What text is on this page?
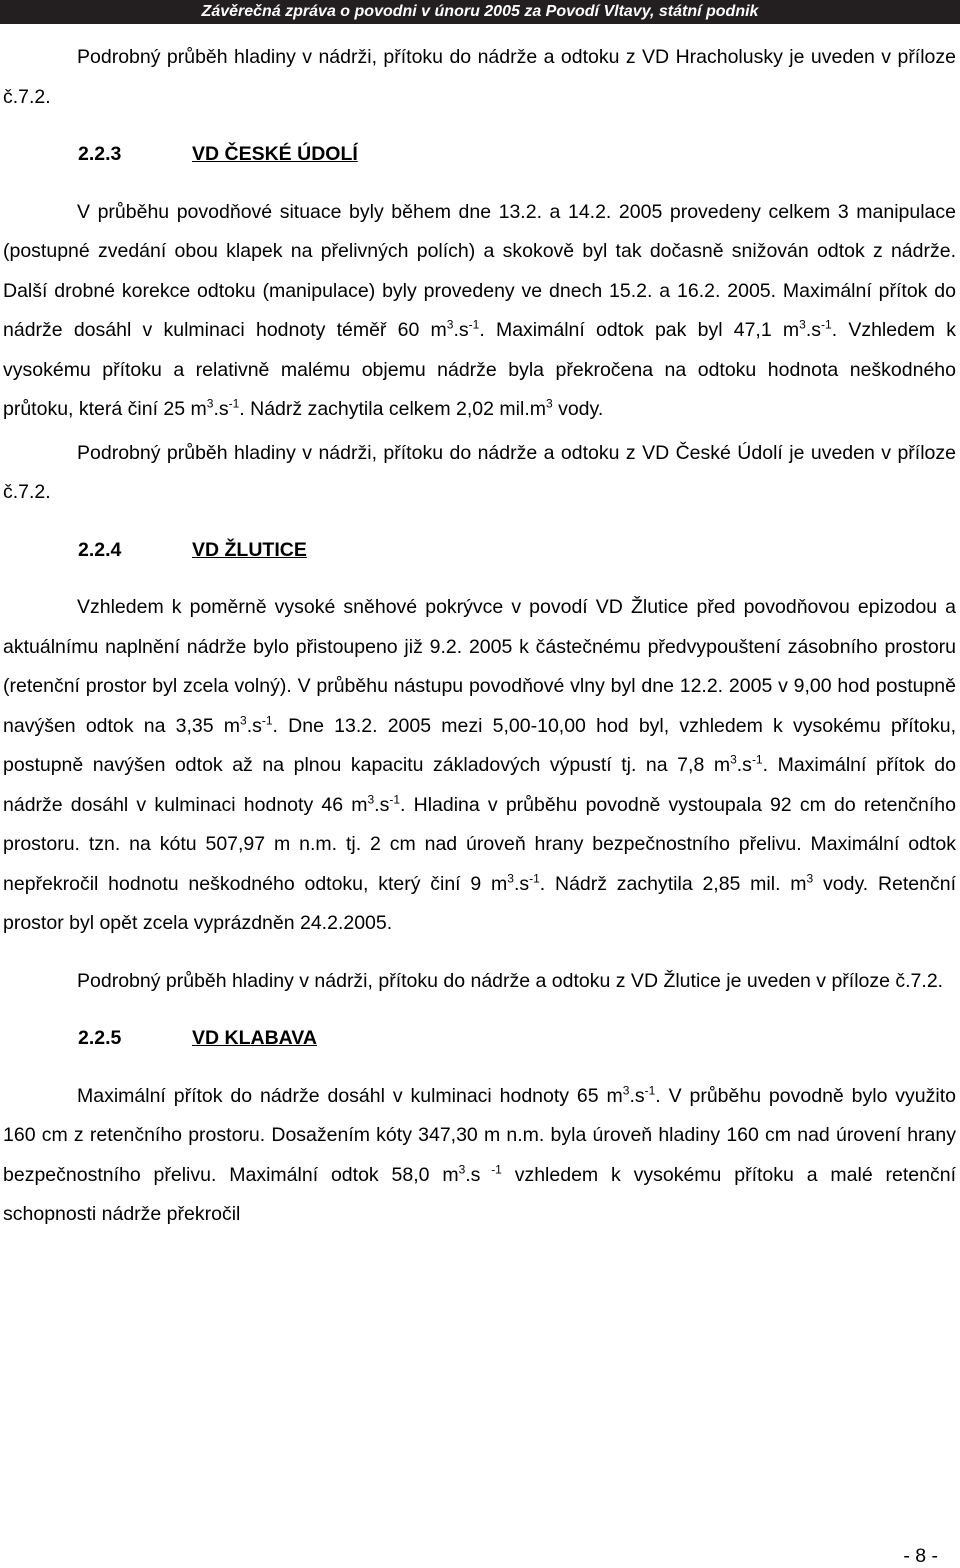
Závěrečná zpráva o povodni v únoru 2005 za Povodí Vltavy, státní podnik

Podrobný průběh hladiny v nádrži, přítoku do nádrže a odtoku z VD Hracholusky je uveden v příloze č.7.2.

2.2.3	VD ČESKÉ ÚDOLÍ

V průběhu povodňové situace byly během dne 13.2. a 14.2. 2005 provedeny celkem 3 manipulace (postupné zvedání obou klapek na přelivných polích) a skokově byl tak dočasně snižován odtok z nádrže. Další drobné korekce odtoku (manipulace) byly provedeny ve dnech 15.2. a 16.2. 2005. Maximální přítok do nádrže dosáhl v kulminaci hodnoty téměř 60 $m^3.s^{-1}$. Maximální odtok pak byl 47,1 $m^3.s^{-1}$. Vzhledem k vysokému přítoku a relativně malému objemu nádrže byla překročena na odtoku hodnota neškodného průtoku, která činí 25 $m^3.s^{-1}$. Nádrž zachytila celkem 2,02 $mil.m^3$ vody.

Podrobný průběh hladiny v nádrži, přítoku do nádrže a odtoku z VD České Údolí je uveden v příloze č.7.2.

2.2.4	VD ŽLUTICE

Vzhledem k poměrně vysoké sněhové pokrývce v povodí VD Žlutice před povodňovou epizodou a aktuálnímu naplnění nádrže bylo přistoupeno již 9.2. 2005 k částečnému předvypouštení zásobního prostoru (retenční prostor byl zcela volný). V průběhu nástupu povodňové vlny byl dne 12.2. 2005 v 9,00 hod postupně navýšen odtok na 3,35 $m^3.s^{-1}$. Dne 13.2. 2005 mezi 5,00-10,00 hod byl, vzhledem k vysokému přítoku, postupně navýšen odtok až na plnou kapacitu základových výpustí tj. na 7,8 $m^3.s^{-1}$. Maximální přítok do nádrže dosáhl v kulminaci hodnoty 46 $m^3.s^{-1}$. Hladina v průběhu povodně vystoupala 92 cm do retenčního prostoru. tzn. na kótu 507,97 m n.m. tj. 2 cm nad úroveň hrany bezpečnostního přelivu. Maximální odtok nepřekročil hodnotu neškodného odtoku, který činí 9 $m^3.s^{-1}$. Nádrž zachytila 2,85 mil. $m^3$ vody. Retenční prostor byl opět zcela vyprázdněn 24.2.2005.

Podrobný průběh hladiny v nádrži, přítoku do nádrže a odtoku z VD Žlutice je uveden v příloze č.7.2.

2.2.5	VD KLABAVA

Maximální přítok do nádrže dosáhl v kulminaci hodnoty 65 $m^3.s^{-1}$. V průběhu povodně bylo využito 160 cm z retenčního prostoru. Dosažením kóty 347,30 m n.m. byla úroveň hladiny 160 cm nad úrovení hrany bezpečnostního přelivu. Maximální odtok 58,0 $m^3.s$ $^{-1}$ vzhledem k vysokému přítoku a malé retenční schopnosti nádrže překročil

- 8 -
